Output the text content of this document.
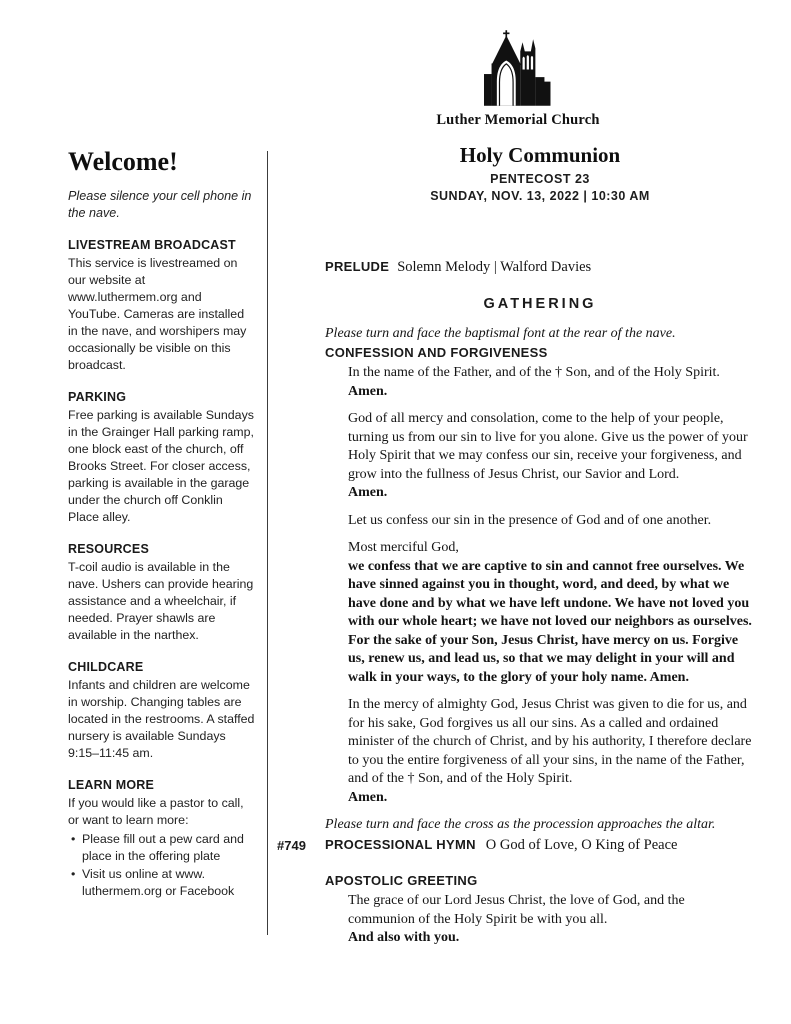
Luther Memorial Church
Welcome!

Please silence your cell phone in the nave.

LIVESTREAM BROADCAST

This service is livestreamed on our website at www.luthermem.org and YouTube. Cameras are installed in the nave, and worshipers may occasionally be visible on this broadcast.

PARKING

Free parking is available Sundays in the Grainger Hall parking ramp, one block east of the church, off Brooks Street. For closer access, parking is available in the garage under the church off Conklin Place alley.

RESOURCES

T-coil audio is available in the nave. Ushers can provide hearing assistance and a wheelchair, if needed. Prayer shawls are available in the narthex.

CHILDCARE

Infants and children are welcome in worship. Changing tables are located in the restrooms. A staffed nursery is available Sundays 9:15–11:45 am.

LEARN MORE

If you would like a pastor to call, or want to learn more:

• Please fill out a pew card and place in the offering plate
• Visit us online at www. luthermem.org or Facebook
Holy Communion
PENTECOST 23
SUNDAY, NOV. 13, 2022 | 10:30 AM
PRELUDE Solemn Melody | Walford Davies
GATHERING

Please turn and face the baptismal font at the rear of the nave.

CONFESSION AND FORGIVENESS

In the name of the Father, and of the † Son, and of the Holy Spirit.

Amen.

God of all mercy and consolation, come to the help of your people, turning us from our sin to live for you alone. Give us the power of your Holy Spirit that we may confess our sin, receive your forgiveness, and grow into the fullness of Jesus Christ, our Savior and Lord.

Amen.

Let us confess our sin in the presence of God and of one another.

Most merciful God,

we confess that we are captive to sin and cannot free ourselves. We have sinned against you in thought, word, and deed, by what we have done and by what we have left undone. We have not loved you with our whole heart; we have not loved our neighbors as ourselves. For the sake of your Son, Jesus Christ, have mercy on us. Forgive us, renew us, and lead us, so that we may delight in your will and walk in your ways, to the glory of your holy name. Amen.

In the mercy of almighty God, Jesus Christ was given to die for us, and for his sake, God forgives us all our sins. As a called and ordained minister of the church of Christ, and by his authority, I therefore declare to you the entire forgiveness of all your sins, in the name of the Father, and of the † Son, and of the Holy Spirit.

Amen.

Please turn and face the cross as the procession approaches the altar.

#749 PROCESSIONAL HYMN O God of Love, O King of Peace
APOSTOLIC GREETING

The grace of our Lord Jesus Christ, the love of God, and the communion of the Holy Spirit be with you all.

And also with you.
